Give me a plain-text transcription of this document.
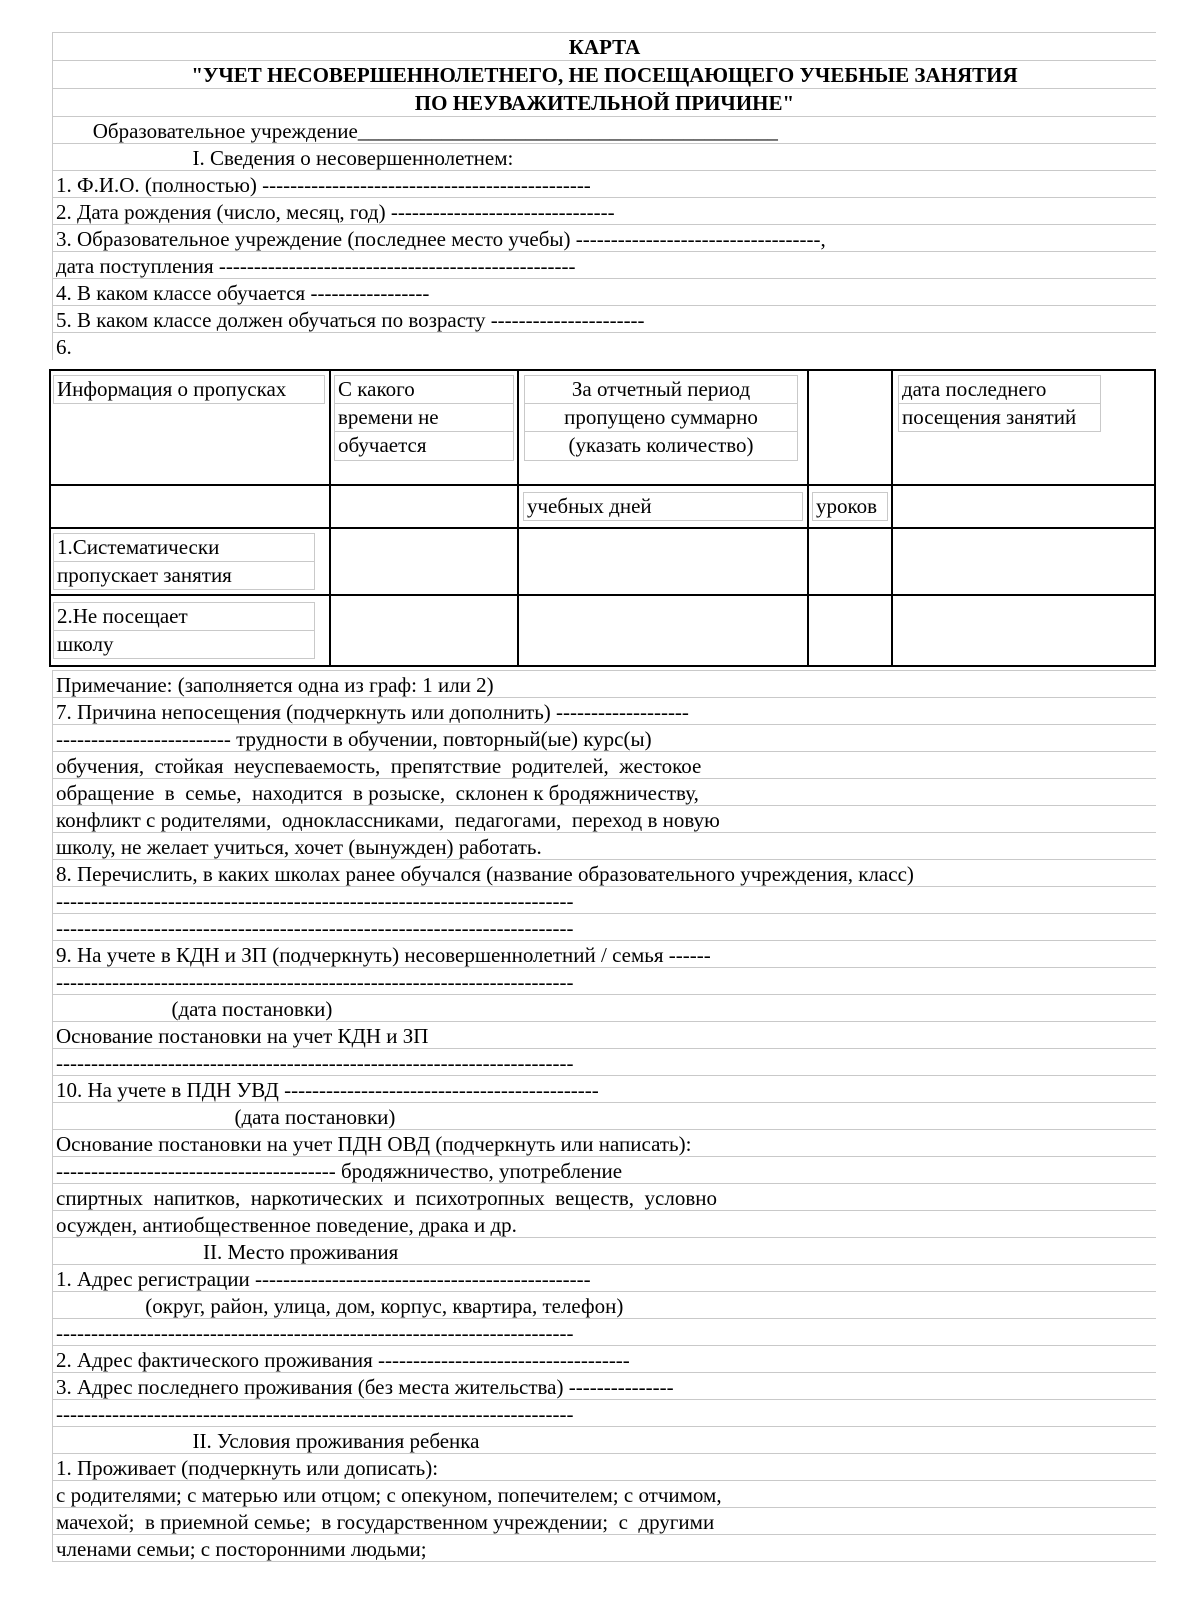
КАРТА
"УЧЕТ НЕСОВЕРШЕННОЛЕТНЕГО, НЕ ПОСЕЩАЮЩЕГО УЧЕБНЫЕ ЗАНЯТИЯ
ПО НЕУВАЖИТЕЛЬНОЙ ПРИЧИНЕ"
Образовательное учреждение________________________________________
I. Сведения о несовершеннолетнем:
1. Ф.И.О. (полностью) -----------------------------------------------
2. Дата рождения (число, месяц, год) --------------------------------
3. Образовательное учреждение (последнее место учебы) -----------------------------------,
дата поступления ---------------------------------------------------
4. В каком классе обучается -----------------
5. В каком классе должен обучаться по возрасту ----------------------
6.
Информация о пропусках	С какого
времени не
обучается
За отчетный период
пропущено суммарно
(указать количество)
дата последнего
посещения занятий
учебных дней	уроков
1.Систематически
пропускает занятия
2.Не посещает
школу
Примечание: (заполняется одна из граф: 1 или 2)
7. Причина непосещения (подчеркнуть или дополнить) -------------------
------------------------- трудности в обучении, повторный(ые) курс(ы)
обучения,  стойкая  неуспеваемость,  препятствие  родителей,  жестокое
обращение  в  семье,  находится  в розыске,  склонен к бродяжничеству,
конфликт с родителями,  одноклассниками,  педагогами,  переход в новую
школу, не желает учиться, хочет (вынужден) работать.
8. Перечислить, в каких школах ранее обучался (название образовательного учреждения, класс)
--------------------------------------------------------------------------
--------------------------------------------------------------------------
9. На учете в КДН и ЗП (подчеркнуть) несовершеннолетний / семья ------
--------------------------------------------------------------------------
(дата постановки)
Основание постановки на учет КДН и ЗП
--------------------------------------------------------------------------
10. На учете в ПДН УВД ---------------------------------------------
(дата постановки)
Основание постановки на учет ПДН ОВД (подчеркнуть или написать):
---------------------------------------- бродяжничество, употребление
спиртных  напитков,  наркотических  и  психотропных  веществ,  условно
осужден, антиобщественное поведение, драка и др.
II. Место проживания
1. Адрес регистрации ------------------------------------------------
(округ, район, улица, дом, корпус, квартира, телефон)
--------------------------------------------------------------------------
2. Адрес фактического проживания ------------------------------------
3. Адрес последнего проживания (без места жительства) ---------------
--------------------------------------------------------------------------
II. Условия проживания ребенка
1. Проживает (подчеркнуть или дописать):
с родителями; с матерью или отцом; с опекуном, попечителем; с отчимом,
мачехой;  в приемной семье;  в государственном учреждении;  с  другими
членами семьи; с посторонними людьми;
